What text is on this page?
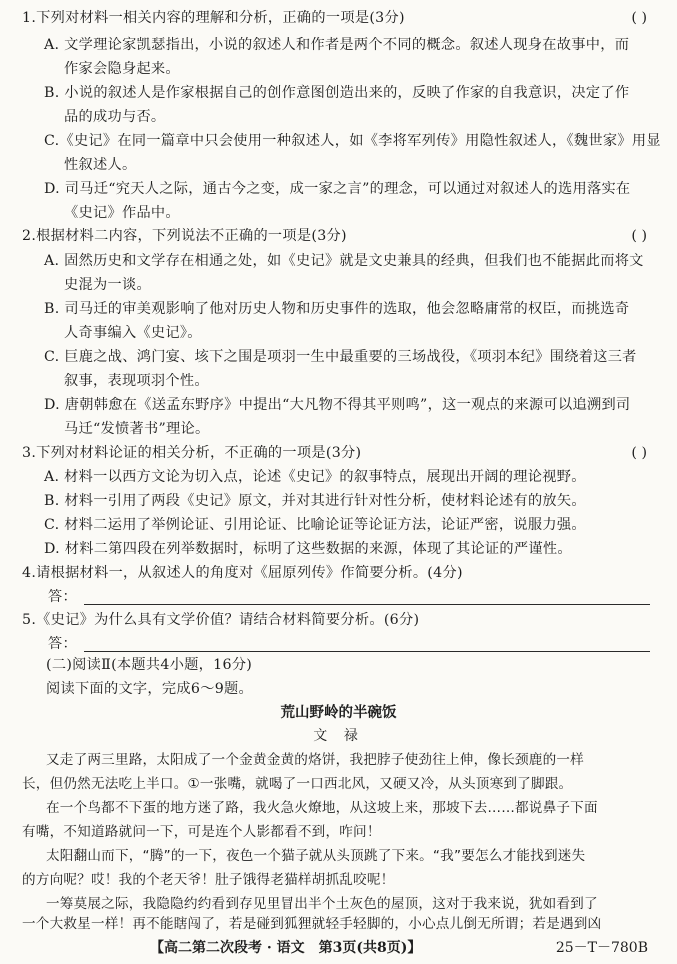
1.下列对材料一相关内容的理解和分析，正确的一项是(3分)	( )
A. 文学理论家凯瑟指出，小说的叙述人和作者是两个不同的概念。叙述人现身在故事中，而
作家会隐身起来。
B. 小说的叙述人是作家根据自己的创作意图创造出来的，反映了作家的自我意识，决定了作
品的成功与否。
C.《史记》在同一篇章中只会使用一种叙述人，如《李将军列传》用隐性叙述人，《魏世家》用显
性叙述人。
D. 司马迁“究天人之际，通古今之变，成一家之言”的理念，可以通过对叙述人的选用落实在
《史记》作品中。
2.根据材料二内容，下列说法不正确的一项是(3分)	( )
A. 固然历史和文学存在相通之处，如《史记》就是文史兼具的经典，但我们也不能据此而将文
史混为一谈。
B. 司马迁的审美观影响了他对历史人物和历史事件的选取，他会忽略庸常的权臣，而挑选奇
人奇事编入《史记》。
C. 巨鹿之战、鸿门宴、垓下之围是项羽一生中最重要的三场战役，《项羽本纪》围绕着这三者
叙事，表现项羽个性。
D. 唐朝韩愈在《送孟东野序》中提出“大凡物不得其平则鸣”，这一观点的来源可以追溯到司
马迁“发愤著书”理论。
3.下列对材料论证的相关分析，不正确的一项是(3分)	( )
A. 材料一以西方文论为切入点，论述《史记》的叙事特点，展现出开阔的理论视野。
B. 材料一引用了两段《史记》原文，并对其进行针对性分析，使材料论述有的放矢。
C. 材料二运用了举例论证、引用论证、比喻论证等论证方法，论证严密，说服力强。
D. 材料二第四段在列举数据时，标明了这些数据的来源，体现了其论证的严谨性。
4.请根据材料一，从叙述人的角度对《屈原列传》作简要分析。(4分)
答：
5.《史记》为什么具有文学价值？请结合材料简要分析。(6分)
答：
(二)阅读Ⅱ(本题共4小题，16分)
阅读下面的文字，完成6～9题。
荒山野岭的半碗饭
文 禄
又走了两三里路，太阳成了一个金黄金黄的烙饼，我把脖子使劲往上伸，像长颈鹿的一样
长，但仍然无法吃上半口。①一张嘴，就喝了一口西北风，又硬又冷，从头顶寒到了脚跟。
在一个鸟都不下蛋的地方迷了路，我火急火燎地，从这坡上来，那坡下去……都说鼻子下面
有嘴，不知道路就问一下，可是连个人影都看不到，咋问！
太阳翻山而下，“腾”的一下，夜色一个猫子就从头顶跳了下来。“我”要怎么才能找到迷失
的方向呢？哎！我的个老天爷！肚子饿得老猫样胡抓乱咬呢！
一筹莫展之际，我隐隐约约看到存见里冒出半个土灰色的屋顶，这对于我来说，犹如看到了
【高二第二次段考 · 语文　第3页(共8页)】	25－T－780B
一个大救星一样！再不能瞎闯了，若是碰到狐狸就轻手轻脚的，小心点儿倒无所谓；若是遇到凶
